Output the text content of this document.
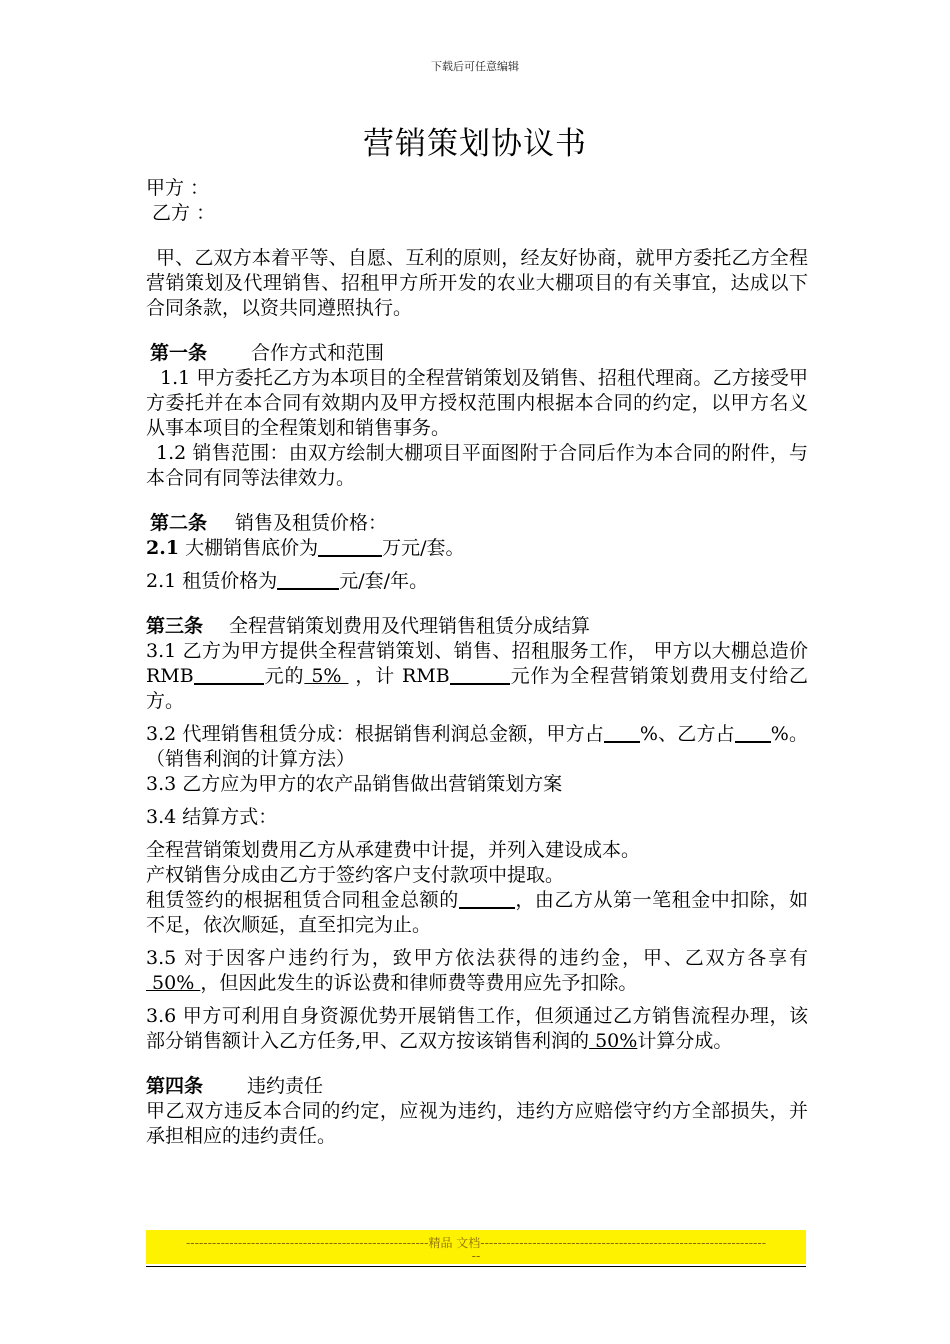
下载后可任意编辑
营销策划协议书
甲方 ：
乙方 ：
甲、乙双方本着平等、自愿、互利的原则，经友好协商，就甲方委托乙方全程营销策划及代理销售、招租甲方所开发的农业大棚项目的有关事宜，达成以下合同条款，以资共同遵照执行。
第一条 合作方式和范围
1.1 甲方委托乙方为本项目的全程营销策划及销售、招租代理商。乙方接受甲方委托并在本合同有效期内及甲方授权范围内根据本合同的约定，以甲方名义从事本项目的全程策划和销售事务。
1.2 销售范围：由双方绘制大棚项目平面图附于合同后作为本合同的附件，与本合同有同等法律效力。
第二条 销售及租赁价格：
2.1 大棚销售底价为	万元/套。
2.1 租赁价格为	元/套/年。
第三条 全程营销策划费用及代理销售租赁分成结算
3.1 乙方为甲方提供全程营销策划、销售、招租服务工作， 甲方以大棚总造价 RMB	元的 5%  ，计 RMB	元作为全程营销策划费用支付给乙方。
3.2 代理销售租赁分成：根据销售利润总金额，甲方占 %、乙方占 %。（销售利润的计算方法）
3.3 乙方应为甲方的农产品销售做出营销策划方案
3.4 结算方式：
全程营销策划费用乙方从承建费中计提，并列入建设成本。
产权销售分成由乙方于签约客户支付款项中提取。
租赁签约的根据租赁合同租金总额的	，由乙方从第一笔租金中扣除，如不足，依次顺延，直至扣完为止。
3.5 对于因客户违约行为，致甲方依法获得的违约金，甲、乙双方各享有 50% ，但因此发生的诉讼费和律师费等费用应先予扣除。
3.6 甲方可利用自身资源优势开展销售工作，但须通过乙方销售流程办理，该部分销售额计入乙方任务,甲、乙双方按该销售利润的 50%计算分成。
第四条 违约责任
甲乙双方违反本合同的约定，应视为违约，违约方应赔偿守约方全部损失，并承担相应的违约责任。
--------------------------------------------------------精品 文档------------------------------------------------------------------
--
